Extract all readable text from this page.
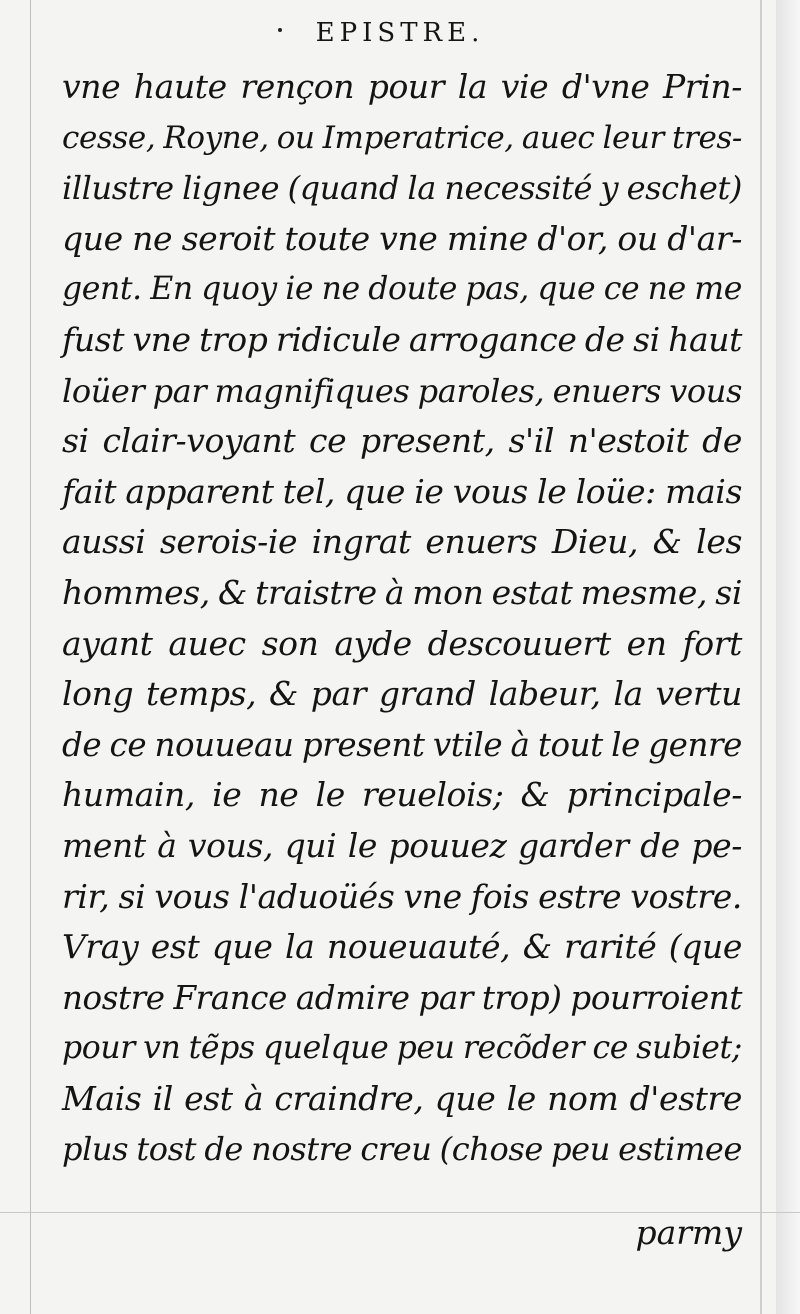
EPISTRE.
vne haute rençon pour la vie d'vne Prin-
cesse, Royne, ou Imperatrice, auec leur tres-
illustre lignee (quand la necessité y eschet)
que ne seroit toute vne mine d'or, ou d'ar-
gent. En quoy ie ne doute pas, que ce ne me
fust vne trop ridicule arrogance de si haut
loüer par magnifiques paroles, enuers vous
si clair-voyant ce present, s'il n'estoit de
fait apparent tel, que ie vous le loüe: mais
aussi serois-ie ingrat enuers Dieu, & les
hommes, & traistre à mon estat mesme, si
ayant auec son ayde descouuert en fort
long temps, & par grand labeur, la vertu
de ce nouueau present vtile à tout le genre
humain, ie ne le reuelois; & principale-
ment à vous, qui le pouuez garder de pe-
rir, si vous l'aduoüés vne fois estre vostre.
Vray est que la noueuauté, & rarité (que
nostre France admire par trop) pourroient
pour vn tẽps quelque peu recõder ce subiet;
Mais il est à craindre, que le nom d'estre
plus tost de nostre creu (chose peu estimee
parmy
